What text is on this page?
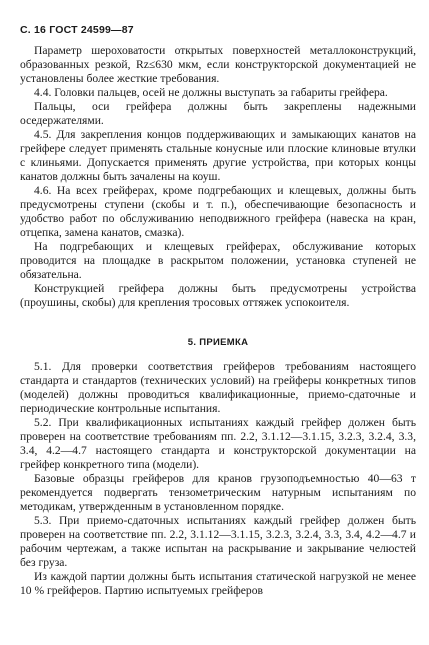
С. 16 ГОСТ 24599—87

Параметр шероховатости открытых поверхностей металлоконструкций, образованных резкой, Rz≤630 мкм, если конструкторской документацией не установлены более жесткие требования.

4.4. Головки пальцев, осей не должны выступать за габариты грейфера.

Пальцы, оси грейфера должны быть закреплены надежными оседержателями.

4.5. Для закрепления концов поддерживающих и замыкающих канатов на грейфере следует применять стальные конусные или плоские клиновые втулки с клиньями. Допускается применять другие устройства, при которых концы канатов должны быть зачалены на коуш.

4.6. На всех грейферах, кроме подгребающих и клещевых, должны быть предусмотрены ступени (скобы и т. п.), обеспечивающие безопасность и удобство работ по обслуживанию неподвижного грейфера (навеска на кран, отцепка, замена канатов, смазка).

На подгребающих и клещевых грейферах, обслуживание которых проводится на площадке в раскрытом положении, установка ступеней не обязательна.

Конструкцией грейфера должны быть предусмотрены устройства (проушины, скобы) для крепления тросовых оттяжек успокоителя.

5. ПРИЕМКА

5.1. Для проверки соответствия грейферов требованиям настоящего стандарта и стандартов (технических условий) на грейферы конкретных типов (моделей) должны проводиться квалификационные, приемо-сдаточные и периодические контрольные испытания.

5.2. При квалификационных испытаниях каждый грейфер должен быть проверен на соответствие требованиям пп. 2.2, 3.1.12—3.1.15, 3.2.3, 3.2.4, 3.3, 3.4, 4.2—4.7 настоящего стандарта и конструкторской документации на грейфер конкретного типа (модели).

Базовые образцы грейферов для кранов грузоподъемностью 40—63 т рекомендуется подвергать тензометрическим натурным испытаниям по методикам, утвержденным в установленном порядке.

5.3. При приемо-сдаточных испытаниях каждый грейфер должен быть проверен на соответствие пп. 2.2, 3.1.12—3.1.15, 3.2.3, 3.2.4, 3.3, 3.4, 4.2—4.7 и рабочим чертежам, а также испытан на раскрывание и закрывание челюстей без груза.

Из каждой партии должны быть испытания статической нагрузкой не менее 10 % грейферов. Партию испытуемых грейферов
